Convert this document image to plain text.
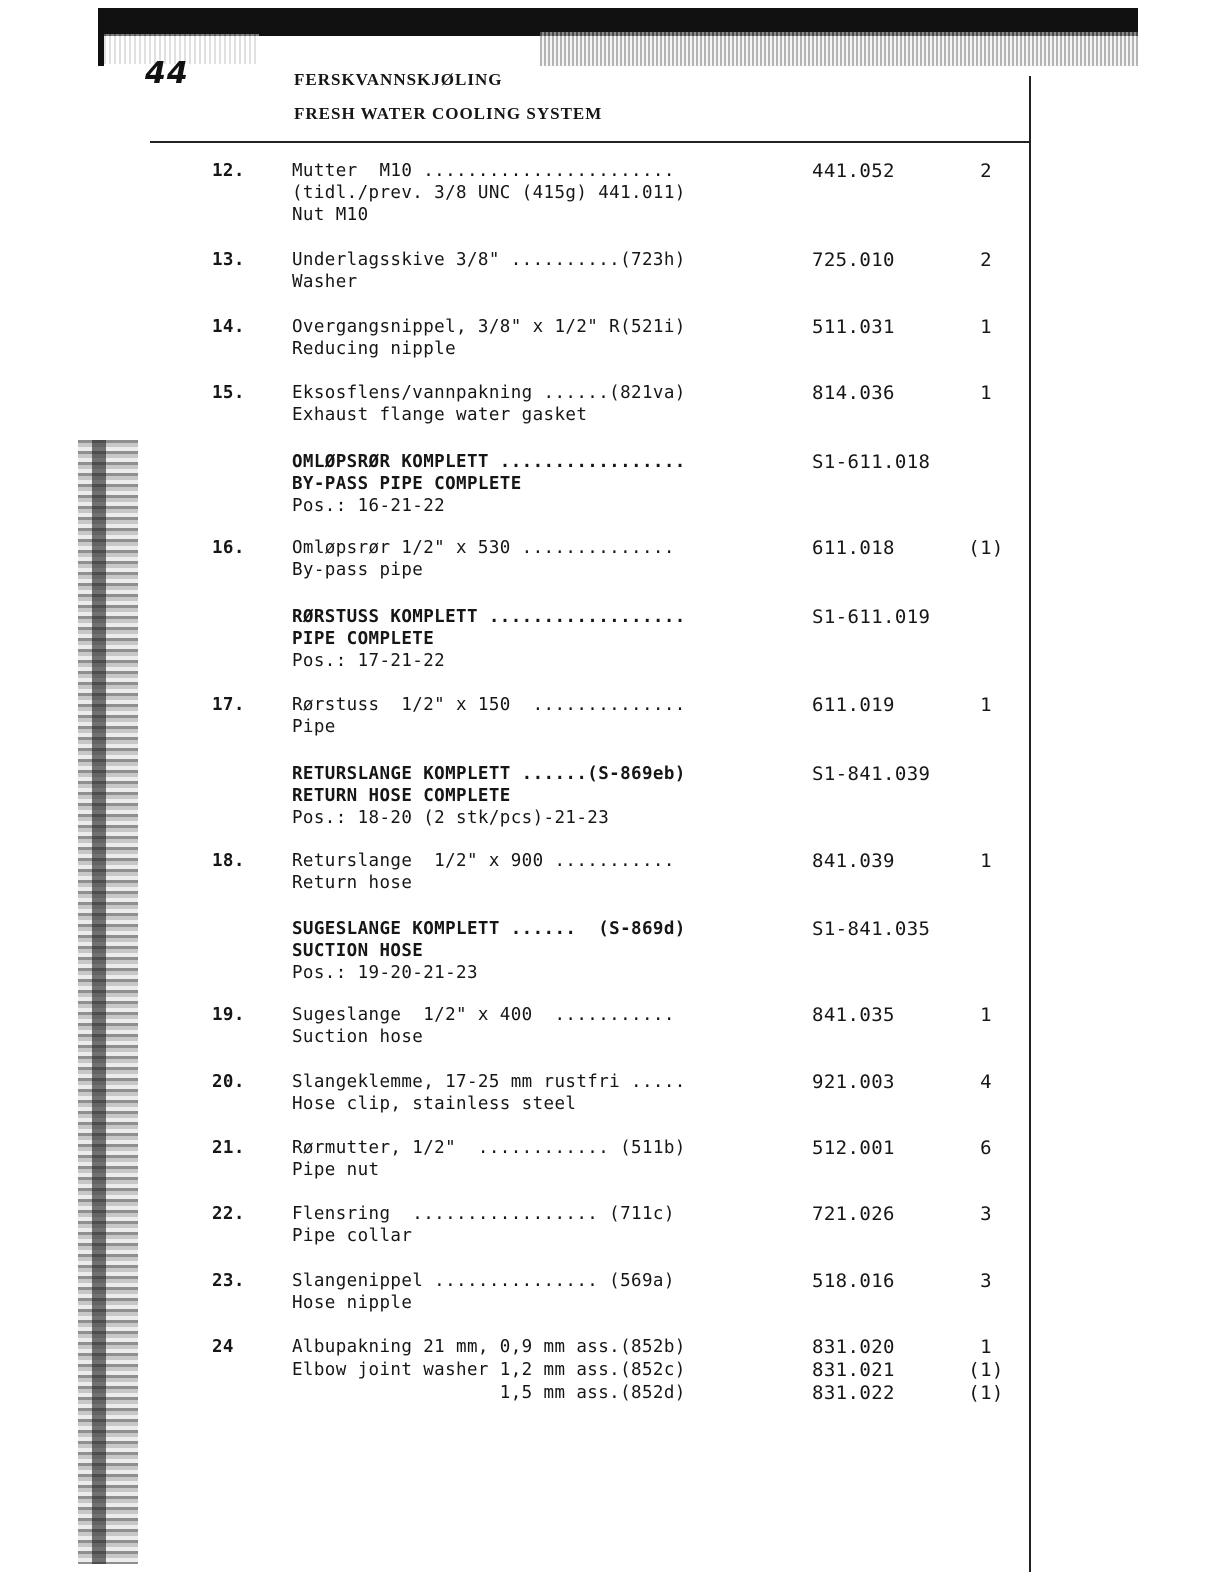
44	FERSKVANNSKJØLING
FRESH WATER COOLING SYSTEM
12.	Mutter  M10 .......................
(tidl./prev. 3/8 UNC (415g) 441.011)
Nut M10
441.052	2
13.	Underlagsskive 3/8" ..........(723h)
Washer
725.010	2
14.	Overgangsnippel, 3/8" x 1/2" R(521i)
Reducing nipple
511.031	1
15.	Eksosflens/vannpakning ......(821va)
Exhaust flange water gasket
814.036	1
OMLØPSRØR KOMPLETT .................
BY-PASS PIPE COMPLETE
Pos.: 16-21-22
S1-611.018
16.	Omløpsrør 1/2" x 530 ..............
By-pass pipe
611.018	(1)
RØRSTUSS KOMPLETT ..................
PIPE COMPLETE
Pos.: 17-21-22
S1-611.019
17.	Rørstuss  1/2" x 150  ..............
Pipe
611.019	1
RETURSLANGE KOMPLETT ......(S-869eb)
RETURN HOSE COMPLETE
Pos.: 18-20 (2 stk/pcs)-21-23
S1-841.039
18.	Returslange  1/2" x 900 ...........
Return hose
841.039	1
SUGESLANGE KOMPLETT ......  (S-869d)
SUCTION HOSE
Pos.: 19-20-21-23
S1-841.035
19.	Sugeslange  1/2" x 400  ...........
Suction hose
841.035	1
20.	Slangeklemme, 17-25 mm rustfri .....
Hose clip, stainless steel
921.003	4
21.	Rørmutter, 1/2"  ............ (511b)
Pipe nut
512.001	6
22.	Flensring  ................. (711c)
Pipe collar
721.026	3
23.	Slangenippel ............... (569a)
Hose nipple
518.016	3
24	Albupakning 21 mm, 0,9 mm ass.(852b)	831.020	1
Elbow joint washer 1,2 mm ass.(852c)	831.021	(1)
1,5 mm ass.(852d)	831.022	(1)
